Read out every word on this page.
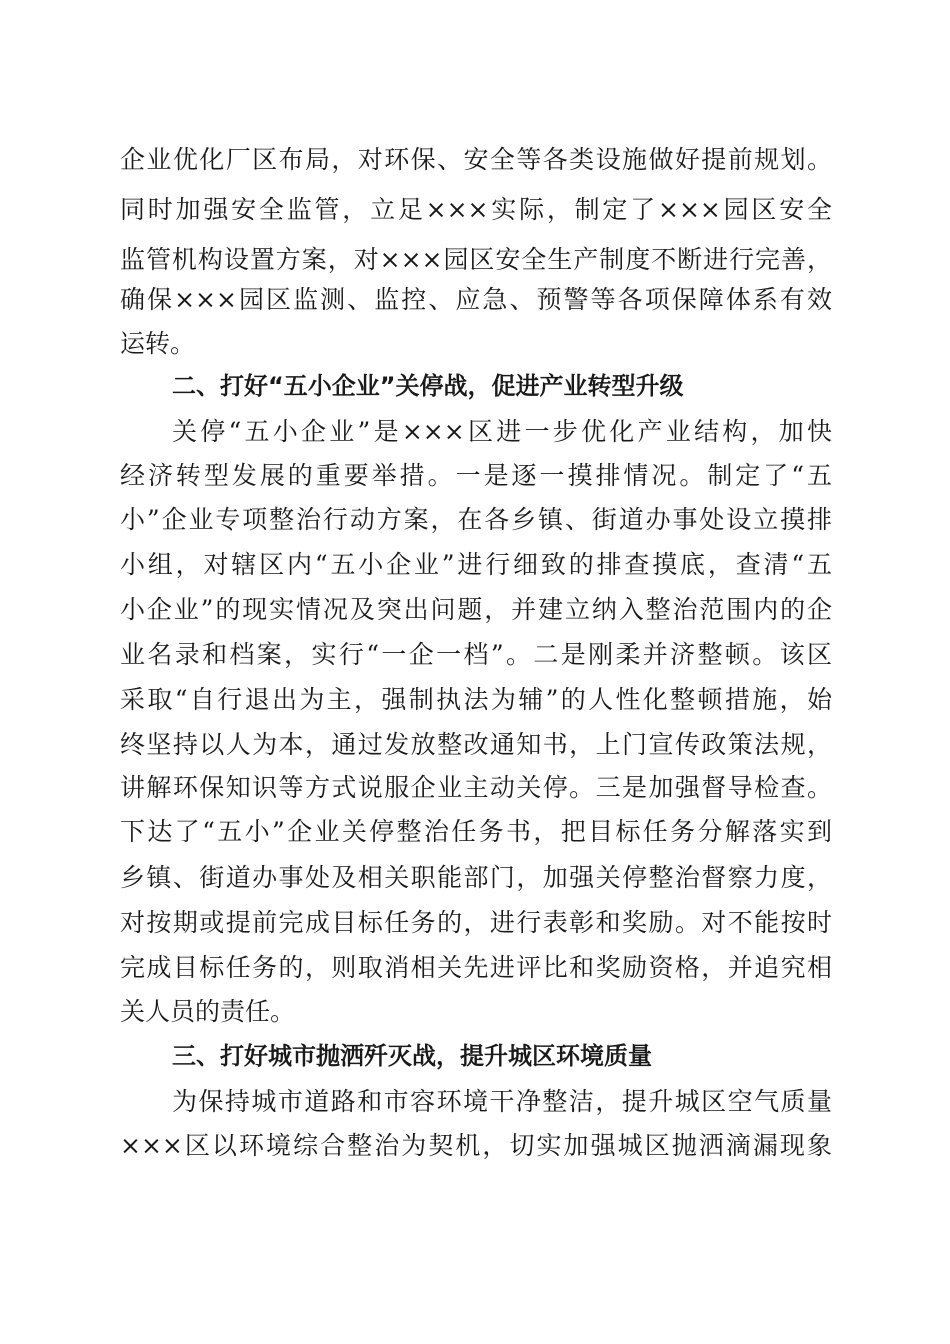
企业优化厂区布局，对环保、安全等各类设施做好提前规划。
同时加强安全监管，立足×××实际，制定了×××园区安全
监管机构设置方案，对×××园区安全生产制度不断进行完善，
确保×××园区监测、监控、应急、预警等各项保障体系有效
运转。
二、打好“五小企业”关停战，促进产业转型升级
关停“五小企业”是×××区进一步优化产业结构，加快
经济转型发展的重要举措。一是逐一摸排情况。制定了“五
小”企业专项整治行动方案，在各乡镇、街道办事处设立摸排
小组，对辖区内“五小企业”进行细致的排查摸底，查清“五
小企业”的现实情况及突出问题，并建立纳入整治范围内的企
业名录和档案，实行“一企一档”。二是刚柔并济整顿。该区
采取“自行退出为主，强制执法为辅”的人性化整顿措施，始
终坚持以人为本，通过发放整改通知书，上门宣传政策法规，
讲解环保知识等方式说服企业主动关停。三是加强督导检查。
下达了“五小”企业关停整治任务书，把目标任务分解落实到
乡镇、街道办事处及相关职能部门，加强关停整治督察力度，
对按期或提前完成目标任务的，进行表彰和奖励。对不能按时
完成目标任务的，则取消相关先进评比和奖励资格，并追究相
关人员的责任。
三、打好城市抛洒歼灭战，提升城区环境质量
为保持城市道路和市容环境干净整洁，提升城区空气质量
×××区以环境综合整治为契机，切实加强城区抛洒滴漏现象
